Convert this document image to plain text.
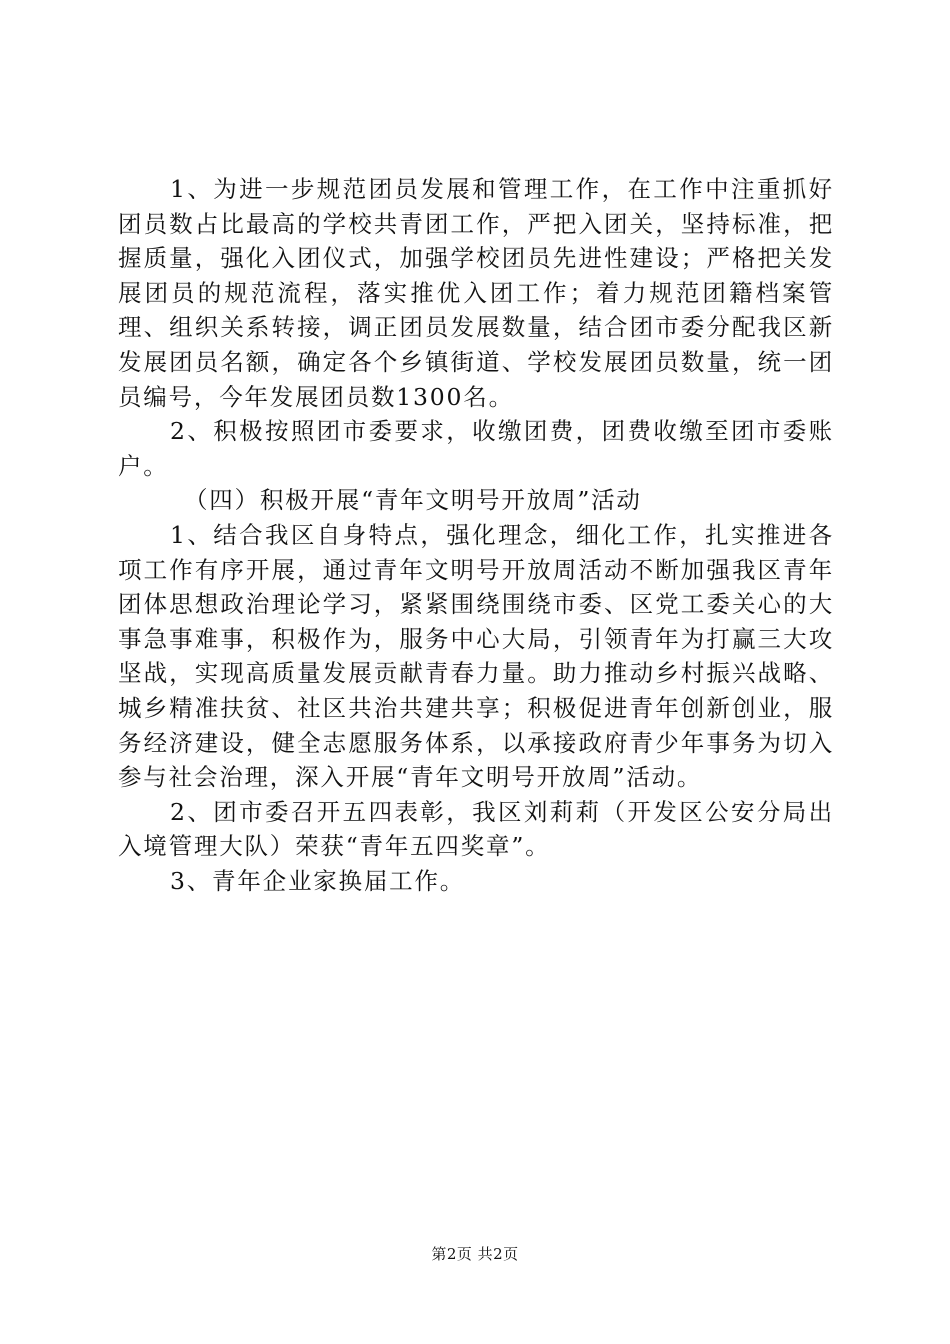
1、为进一步规范团员发展和管理工作，在工作中注重抓好团员数占比最高的学校共青团工作，严把入团关，坚持标准，把握质量，强化入团仪式，加强学校团员先进性建设；严格把关发展团员的规范流程，落实推优入团工作；着力规范团籍档案管理、组织关系转接，调正团员发展数量，结合团市委分配我区新发展团员名额，确定各个乡镇街道、学校发展团员数量，统一团员编号，今年发展团员数1300名。

2、积极按照团市委要求，收缴团费，团费收缴至团市委账户。

（四）积极开展“青年文明号开放周”活动

1、结合我区自身特点，强化理念，细化工作，扎实推进各项工作有序开展，通过青年文明号开放周活动不断加强我区青年团体思想政治理论学习，紧紧围绕围绕市委、区党工委关心的大事急事难事，积极作为，服务中心大局，引领青年为打赢三大攻坚战，实现高质量发展贡献青春力量。助力推动乡村振兴战略、城乡精准扶贫、社区共治共建共享；积极促进青年创新创业，服务经济建设，健全志愿服务体系，以承接政府青少年事务为切入参与社会治理，深入开展“青年文明号开放周”活动。

2、团市委召开五四表彰，我区刘莉莉（开发区公安分局出入境管理大队）荣获“青年五四奖章”。

3、青年企业家换届工作。

第2页 共2页
